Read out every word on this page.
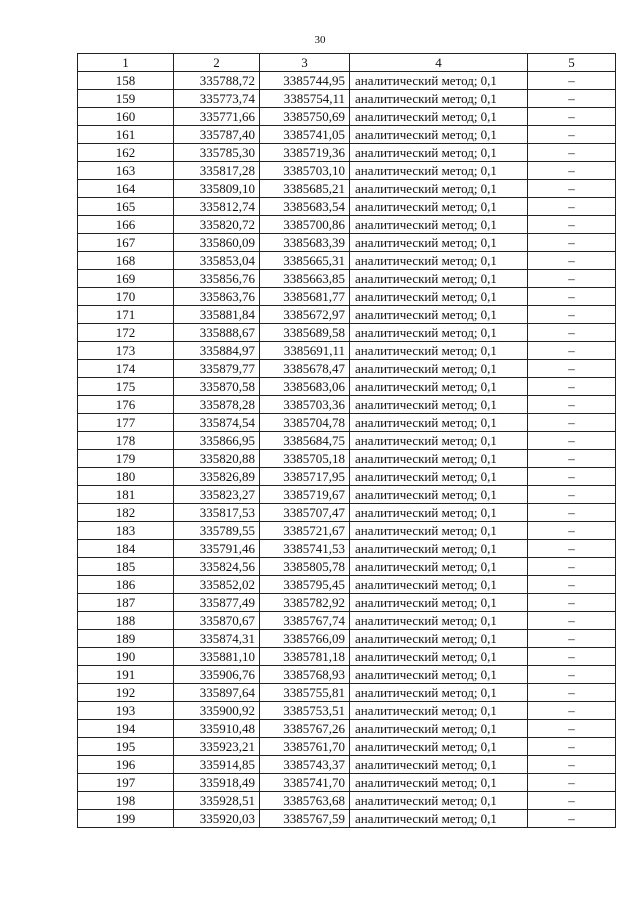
30
1	2	3	4	5
158	335788,72	3385744,95	аналитический метод; 0,1	–
159	335773,74	3385754,11	аналитический метод; 0,1	–
160	335771,66	3385750,69	аналитический метод; 0,1	–
161	335787,40	3385741,05	аналитический метод; 0,1	–
162	335785,30	3385719,36	аналитический метод; 0,1	–
163	335817,28	3385703,10	аналитический метод; 0,1	–
164	335809,10	3385685,21	аналитический метод; 0,1	–
165	335812,74	3385683,54	аналитический метод; 0,1	–
166	335820,72	3385700,86	аналитический метод; 0,1	–
167	335860,09	3385683,39	аналитический метод; 0,1	–
168	335853,04	3385665,31	аналитический метод; 0,1	–
169	335856,76	3385663,85	аналитический метод; 0,1	–
170	335863,76	3385681,77	аналитический метод; 0,1	–
171	335881,84	3385672,97	аналитический метод; 0,1	–
172	335888,67	3385689,58	аналитический метод; 0,1	–
173	335884,97	3385691,11	аналитический метод; 0,1	–
174	335879,77	3385678,47	аналитический метод; 0,1	–
175	335870,58	3385683,06	аналитический метод; 0,1	–
176	335878,28	3385703,36	аналитический метод; 0,1	–
177	335874,54	3385704,78	аналитический метод; 0,1	–
178	335866,95	3385684,75	аналитический метод; 0,1	–
179	335820,88	3385705,18	аналитический метод; 0,1	–
180	335826,89	3385717,95	аналитический метод; 0,1	–
181	335823,27	3385719,67	аналитический метод; 0,1	–
182	335817,53	3385707,47	аналитический метод; 0,1	–
183	335789,55	3385721,67	аналитический метод; 0,1	–
184	335791,46	3385741,53	аналитический метод; 0,1	–
185	335824,56	3385805,78	аналитический метод; 0,1	–
186	335852,02	3385795,45	аналитический метод; 0,1	–
187	335877,49	3385782,92	аналитический метод; 0,1	–
188	335870,67	3385767,74	аналитический метод; 0,1	–
189	335874,31	3385766,09	аналитический метод; 0,1	–
190	335881,10	3385781,18	аналитический метод; 0,1	–
191	335906,76	3385768,93	аналитический метод; 0,1	–
192	335897,64	3385755,81	аналитический метод; 0,1	–
193	335900,92	3385753,51	аналитический метод; 0,1	–
194	335910,48	3385767,26	аналитический метод; 0,1	–
195	335923,21	3385761,70	аналитический метод; 0,1	–
196	335914,85	3385743,37	аналитический метод; 0,1	–
197	335918,49	3385741,70	аналитический метод; 0,1	–
198	335928,51	3385763,68	аналитический метод; 0,1	–
199	335920,03	3385767,59	аналитический метод; 0,1	–
